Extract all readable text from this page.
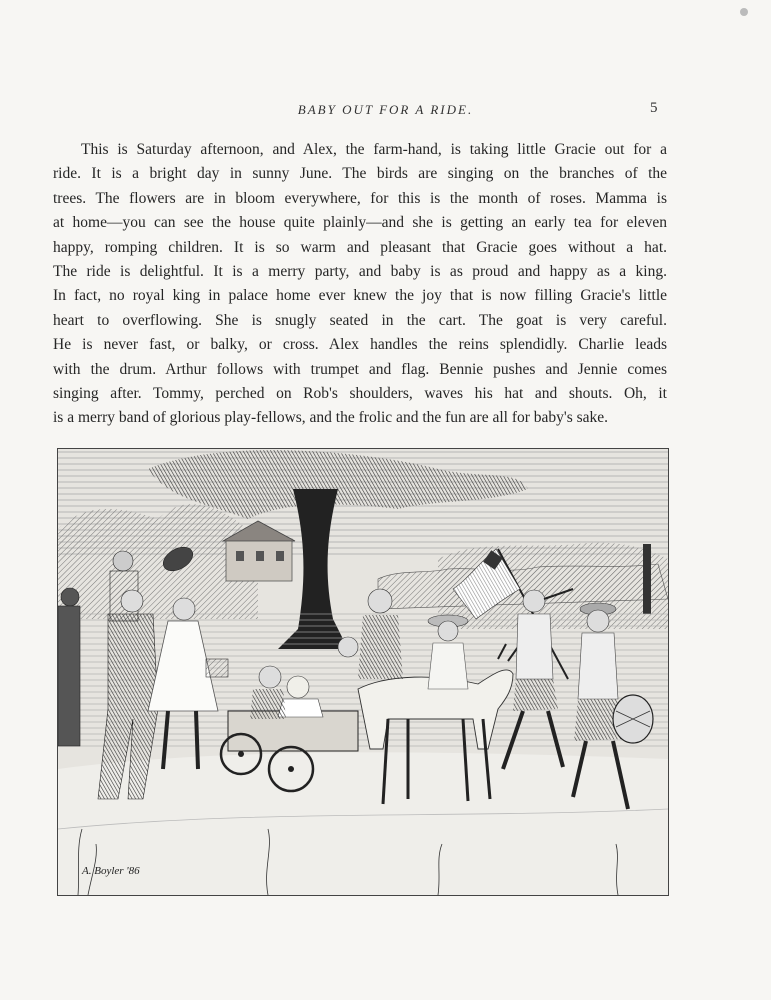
BABY OUT FOR A RIDE.	5
This is Saturday afternoon, and Alex, the farm-hand, is taking little Gracie out for a
ride. It is a bright day in sunny June. The birds are singing on the branches of the
trees. The flowers are in bloom everywhere, for this is the month of roses. Mamma is
at home—you can see the house quite plainly—and she is getting an early tea for eleven
happy, romping children. It is so warm and pleasant that Gracie goes without a hat.
The ride is delightful. It is a merry party, and baby is as proud and happy as a king.
In fact, no royal king in palace home ever knew the joy that is now filling Gracie's little
heart to overflowing. She is snugly seated in the cart. The goat is very careful.
He is never fast, or balky, or cross. Alex handles the reins splendidly. Charlie leads
with the drum. Arthur follows with trumpet and flag. Bennie pushes and Jennie comes
singing after. Tommy, perched on Rob's shoulders, waves his hat and shouts. Oh, it
is a merry band of glorious play-fellows, and the frolic and the fun are all for baby's sake.
A. Boyler '86
